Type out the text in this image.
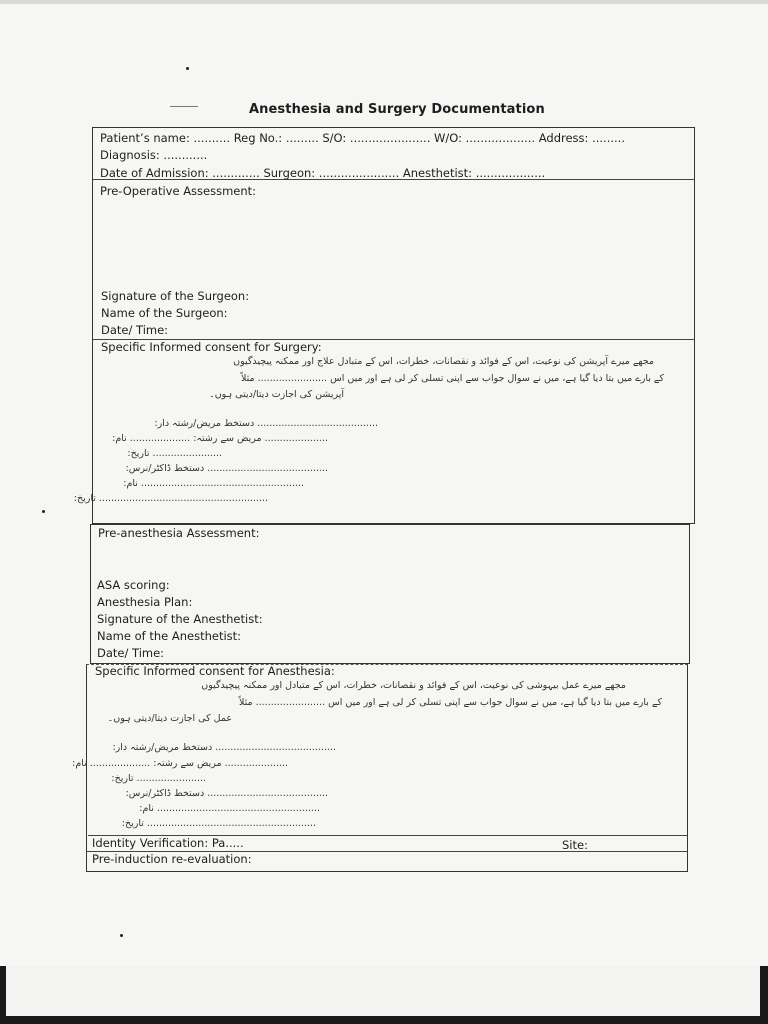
Anesthesia and Surgery Documentation
Patient’s name: .......... Reg No.: ......... S/O: ...................... W/O: ................... Address: .........
Diagnosis: ............
Date of Admission: ............. Surgeon: ...................... Anesthetist: ...................
Pre-Operative Assessment:
Signature of the Surgeon:
Name of the Surgeon:
Date/ Time:
Specific Informed consent for Surgery:
مجھے میرے آپریشن کی نوعیت، اس کے فوائد و نقصانات، خطرات، اس کے متبادل علاج اور ممکنہ پیچیدگیوں
کے بارے میں بتا دیا گیا ہے، میں نے سوال جواب سے اپنی تسلی کر لی ہے اور میں اس ....................... مثلاً
آپریشن کی اجازت دیتا/دیتی ہوں۔
........................................ دستخط مریض/رشتہ دار:
..................... مریض سے رشتہ: .................... نام:
....................... تاریخ:
........................................ دستخط ڈاکٹر/نرس:
...................................................... نام:
........................................................ تاریخ:
Pre-anesthesia Assessment:
ASA scoring:
Anesthesia Plan:
Signature of the Anesthetist:
Name of the Anesthetist:
Date/ Time:
Specific Informed consent for Anesthesia:
مجھے میرے عمل بیہوشی کی نوعیت، اس کے فوائد و نقصانات، خطرات، اس کے متبادل اور ممکنہ پیچیدگیوں
کے بارے میں بتا دیا گیا ہے، میں نے سوال جواب سے اپنی تسلی کر لی ہے اور میں اس ....................... مثلاً
عمل کی اجازت دیتا/دیتی ہوں۔
........................................ دستخط مریض/رشتہ دار:
..................... مریض سے رشتہ: .................... نام:
....................... تاریخ:
........................................ دستخط ڈاکٹر/نرس:
...................................................... نام:
........................................................ تاریخ:
Identity Verification: Pa.....	Site:
Pre-induction re-evaluation:
